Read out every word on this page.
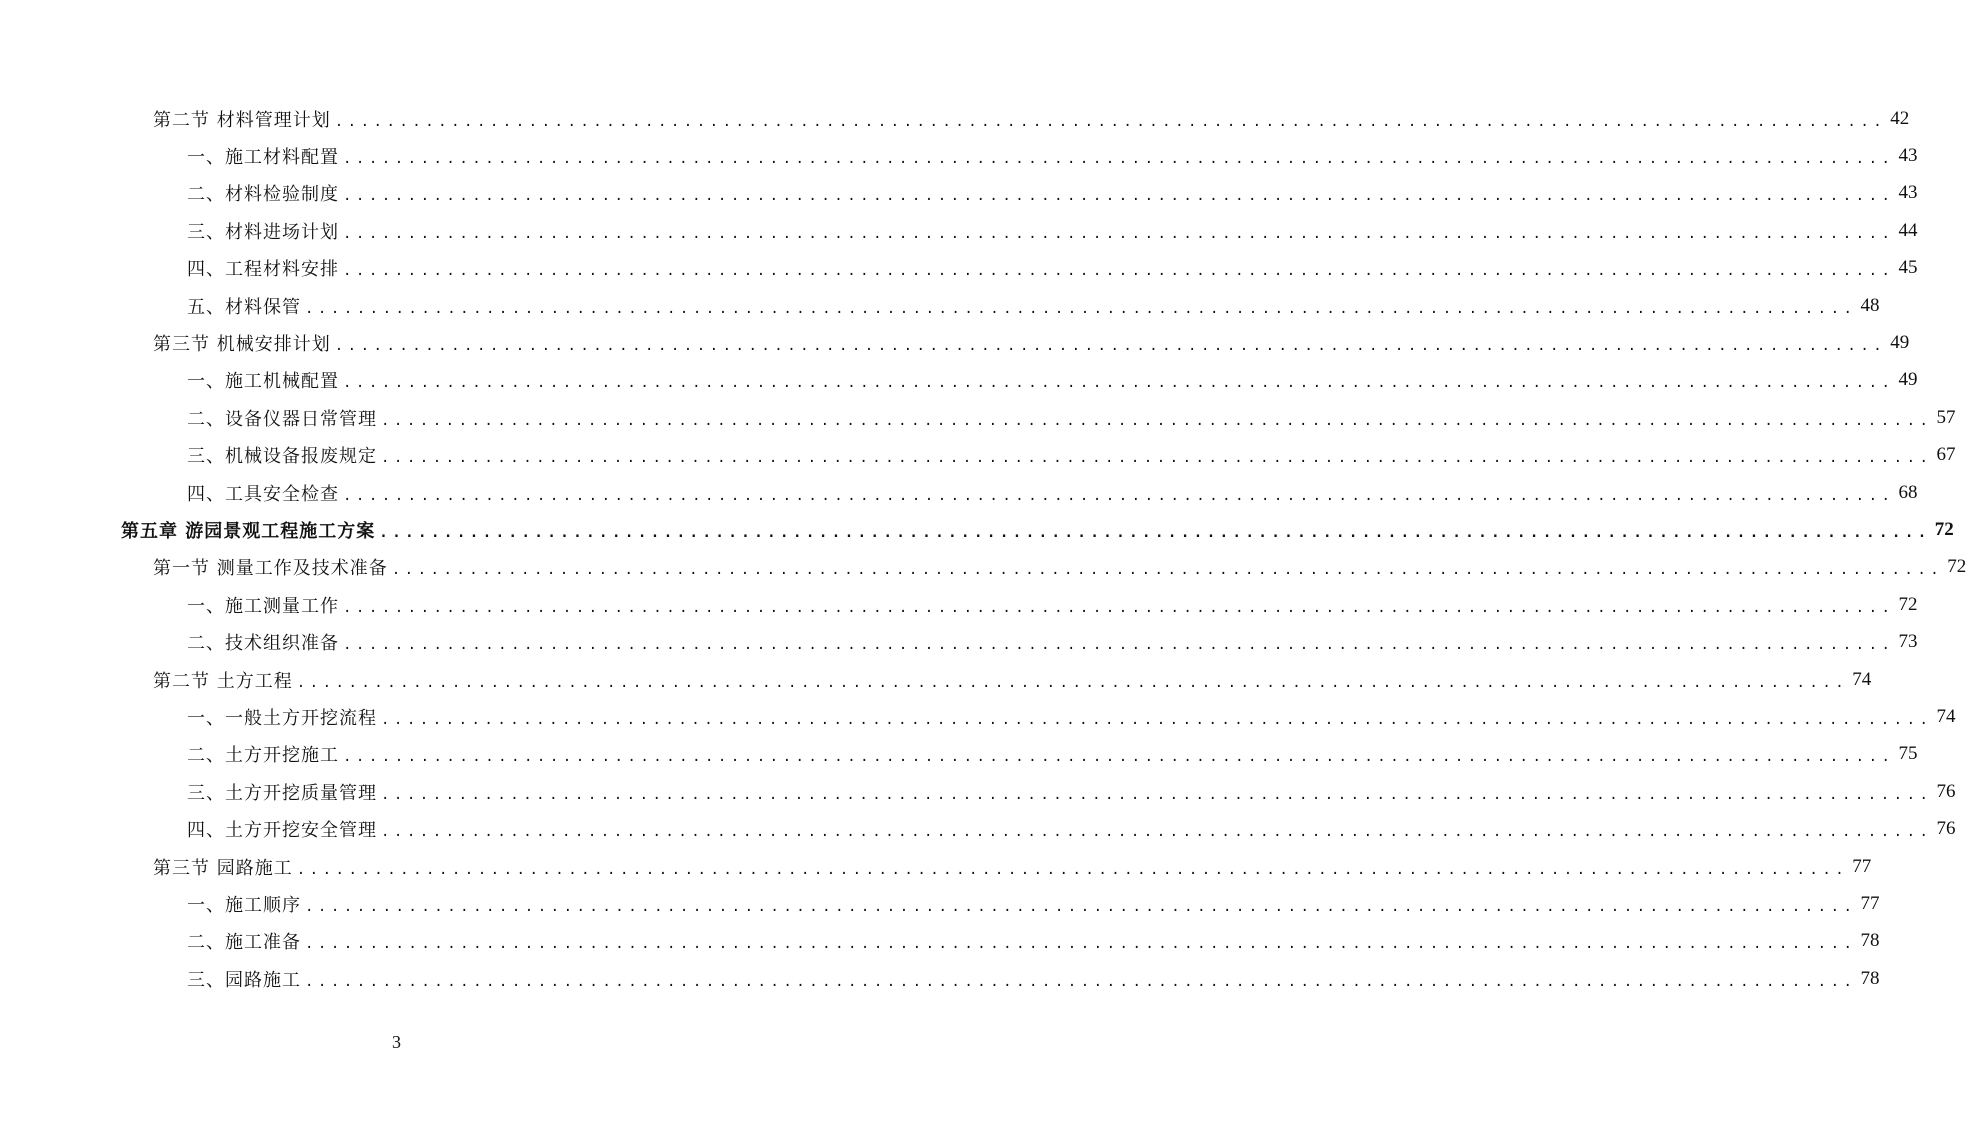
第二节 材料管理计划 ........................................................................................................................ 42
一、施工材料配置 ........................................................................................................................ 43
二、材料检验制度 ........................................................................................................................ 43
三、材料进场计划 ........................................................................................................................ 44
四、工程材料安排 ........................................................................................................................ 45
五、材料保管 ........................................................................................................................ 48
第三节 机械安排计划 ........................................................................................................................ 49
一、施工机械配置 ........................................................................................................................ 49
二、设备仪器日常管理 ........................................................................................................................ 57
三、机械设备报废规定 ........................................................................................................................ 67
四、工具安全检查 ........................................................................................................................ 68
第五章 游园景观工程施工方案 ........................................................................................................................ 72
第一节 测量工作及技术准备 ........................................................................................................................ 72
一、施工测量工作 ........................................................................................................................ 72
二、技术组织准备 ........................................................................................................................ 73
第二节 土方工程 ........................................................................................................................ 74
一、一般土方开挖流程 ........................................................................................................................ 74
二、土方开挖施工 ........................................................................................................................ 75
三、土方开挖质量管理 ........................................................................................................................ 76
四、土方开挖安全管理 ........................................................................................................................ 76
第三节 园路施工 ........................................................................................................................ 77
一、施工顺序 ........................................................................................................................ 77
二、施工准备 ........................................................................................................................ 78
三、园路施工 ........................................................................................................................ 78
3
